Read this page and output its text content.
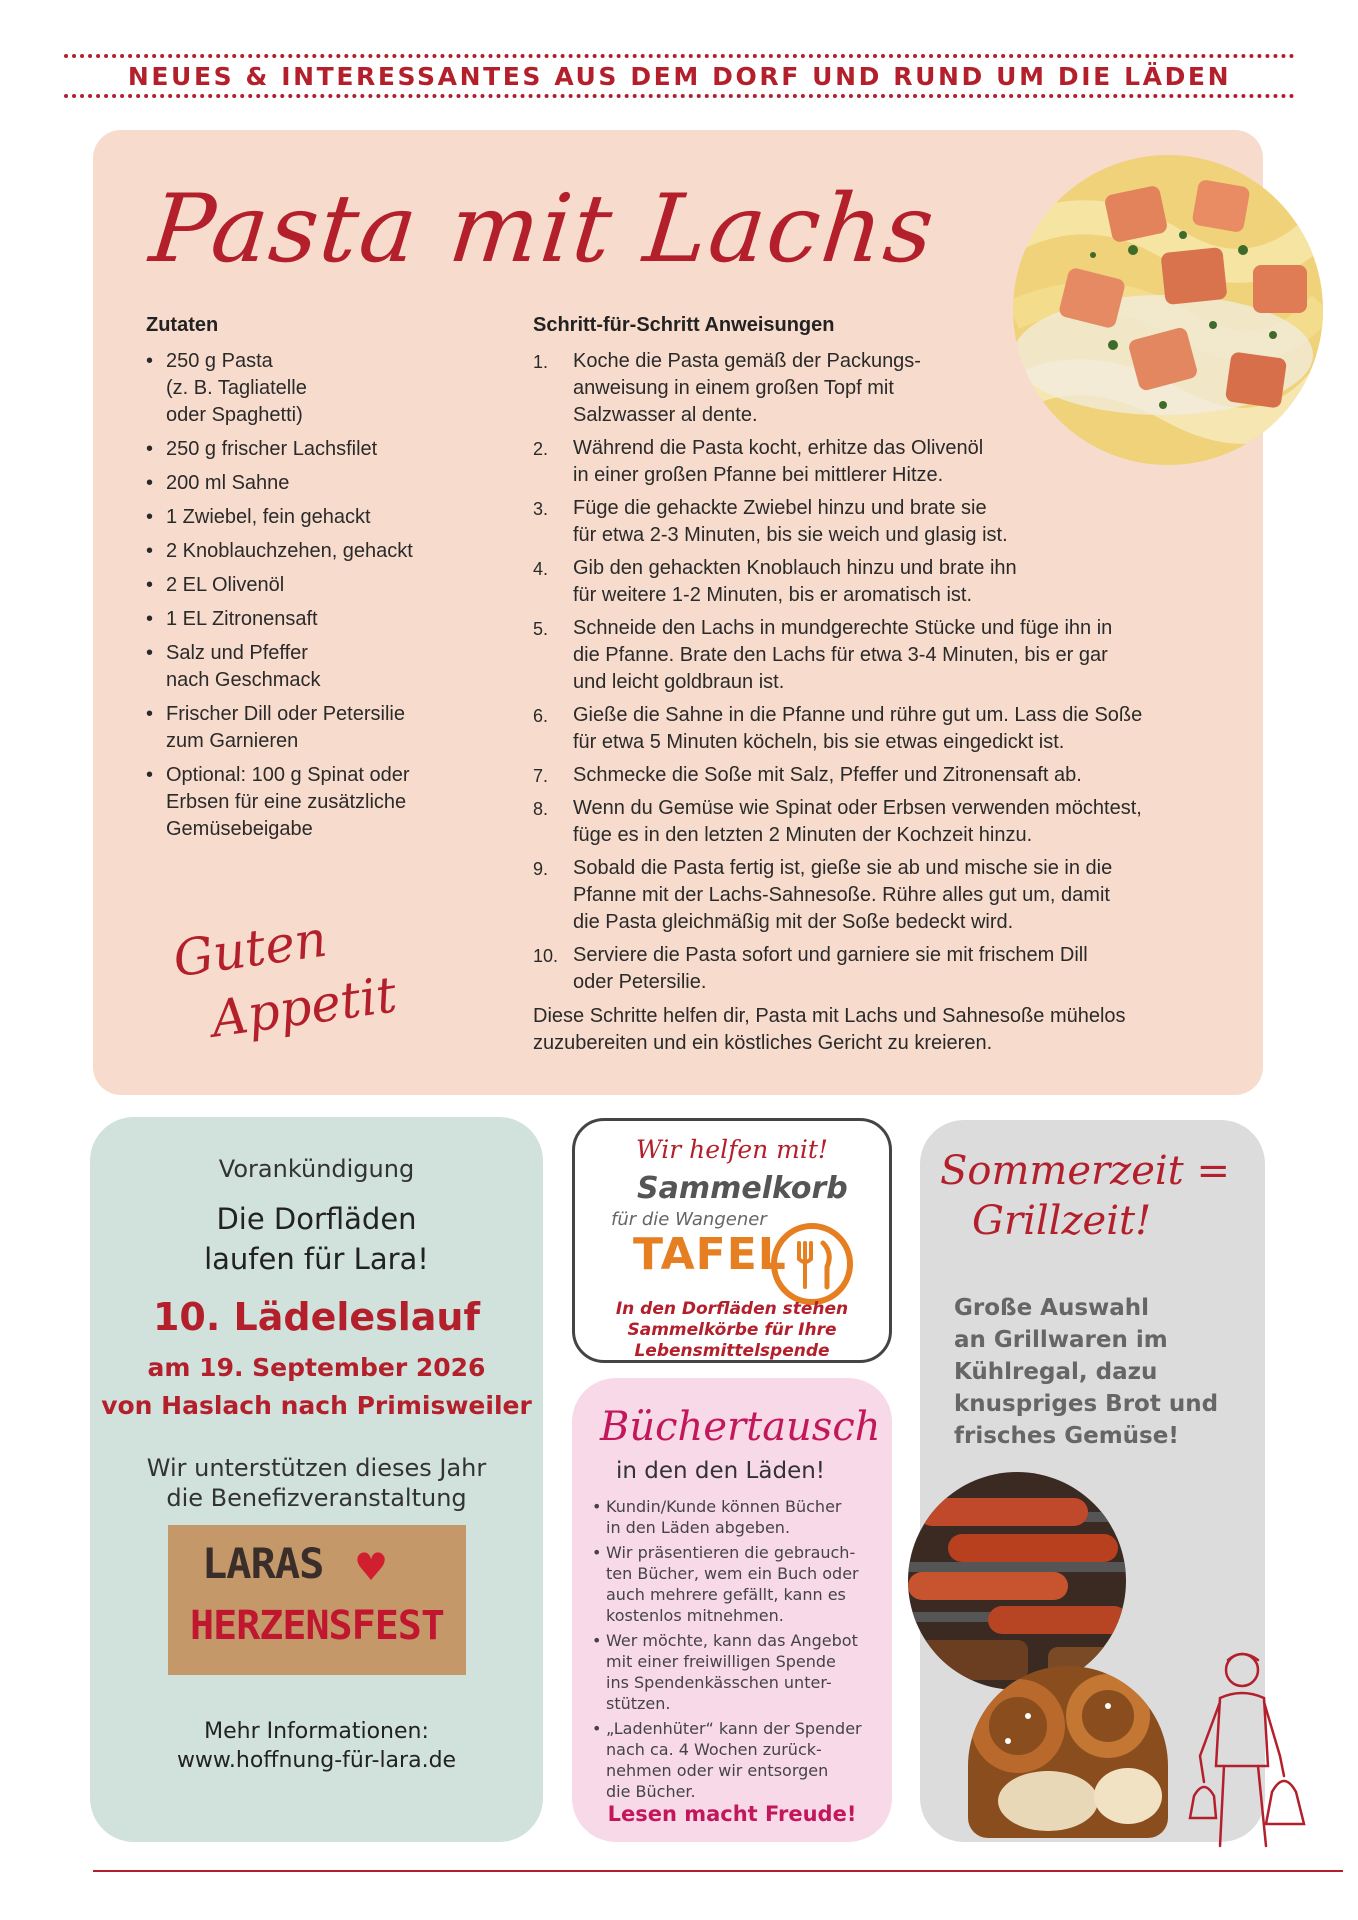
NEUES & INTERESSANTES AUS DEM DORF UND RUND UM DIE LÄDEN
Pasta mit Lachs
Zutaten
• 250 g Pasta
(z. B. Tagliatelle
oder Spaghetti)
• 250 g frischer Lachsfilet
• 200 ml Sahne
• 1 Zwiebel, fein gehackt
• 2 Knoblauchzehen, gehackt
• 2 EL Olivenöl
• 1 EL Zitronensaft
• Salz und Pfeffer
nach Geschmack
• Frischer Dill oder Petersilie
zum Garnieren
• Optional: 100 g Spinat oder
Erbsen für eine zusätzliche
Gemüsebeigabe
Schritt-für-Schritt Anweisungen
1. Koche die Pasta gemäß der Packungs-
anweisung in einem großen Topf mit
Salzwasser al dente.
2. Während die Pasta kocht, erhitze das Olivenöl
in einer großen Pfanne bei mittlerer Hitze.
3. Füge die gehackte Zwiebel hinzu und brate sie
für etwa 2-3 Minuten, bis sie weich und glasig ist.
4. Gib den gehackten Knoblauch hinzu und brate ihn
für weitere 1-2 Minuten, bis er aromatisch ist.
5. Schneide den Lachs in mundgerechte Stücke und füge ihn in
die Pfanne. Brate den Lachs für etwa 3-4 Minuten, bis er gar
und leicht goldbraun ist.
6. Gieße die Sahne in die Pfanne und rühre gut um. Lass die Soße
für etwa 5 Minuten köcheln, bis sie etwas eingedickt ist.
7. Schmecke die Soße mit Salz, Pfeffer und Zitronensaft ab.
8. Wenn du Gemüse wie Spinat oder Erbsen verwenden möchtest,
füge es in den letzten 2 Minuten der Kochzeit hinzu.
9. Sobald die Pasta fertig ist, gieße sie ab und mische sie in die
Pfanne mit der Lachs-Sahnesoße. Rühre alles gut um, damit
die Pasta gleichmäßig mit der Soße bedeckt wird.
10. Serviere die Pasta sofort und garniere sie mit frischem Dill
oder Petersilie.
Diese Schritte helfen dir, Pasta mit Lachs und Sahnesoße mühelos
zuzubereiten und ein köstliches Gericht zu kreieren.
Guten
Appetit
Vorankündigung
Die Dorfläden
laufen für Lara!
10. Lädeleslauf
am 19. September 2026
von Haslach nach Primisweiler
Wir unterstützen dieses Jahr
die Benefizveranstaltung
LARAS ♥
HERZENSFEST
Mehr Informationen:
www.hoffnung-für-lara.de
Wir helfen mit!
Sammelkorb
für die Wangener
TAFEL
In den Dorfläden stehen
Sammelkörbe für Ihre
Lebensmittelspende
Büchertausch
in den den Läden!
• Kundin/Kunde können Bücher
in den Läden abgeben.
• Wir präsentieren die gebrauch-
ten Bücher, wem ein Buch oder
auch mehrere gefällt, kann es
kostenlos mitnehmen.
• Wer möchte, kann das Angebot
mit einer freiwilligen Spende
ins Spendenkässchen unter-
stützen.
• „Ladenhüter“ kann der Spender
nach ca. 4 Wochen zurück-
nehmen oder wir entsorgen
die Bücher.
Lesen macht Freude!
Sommerzeit =
Grillzeit!
Große Auswahl
an Grillwaren im
Kühlregal, dazu
knuspriges Brot und
frisches Gemüse!
